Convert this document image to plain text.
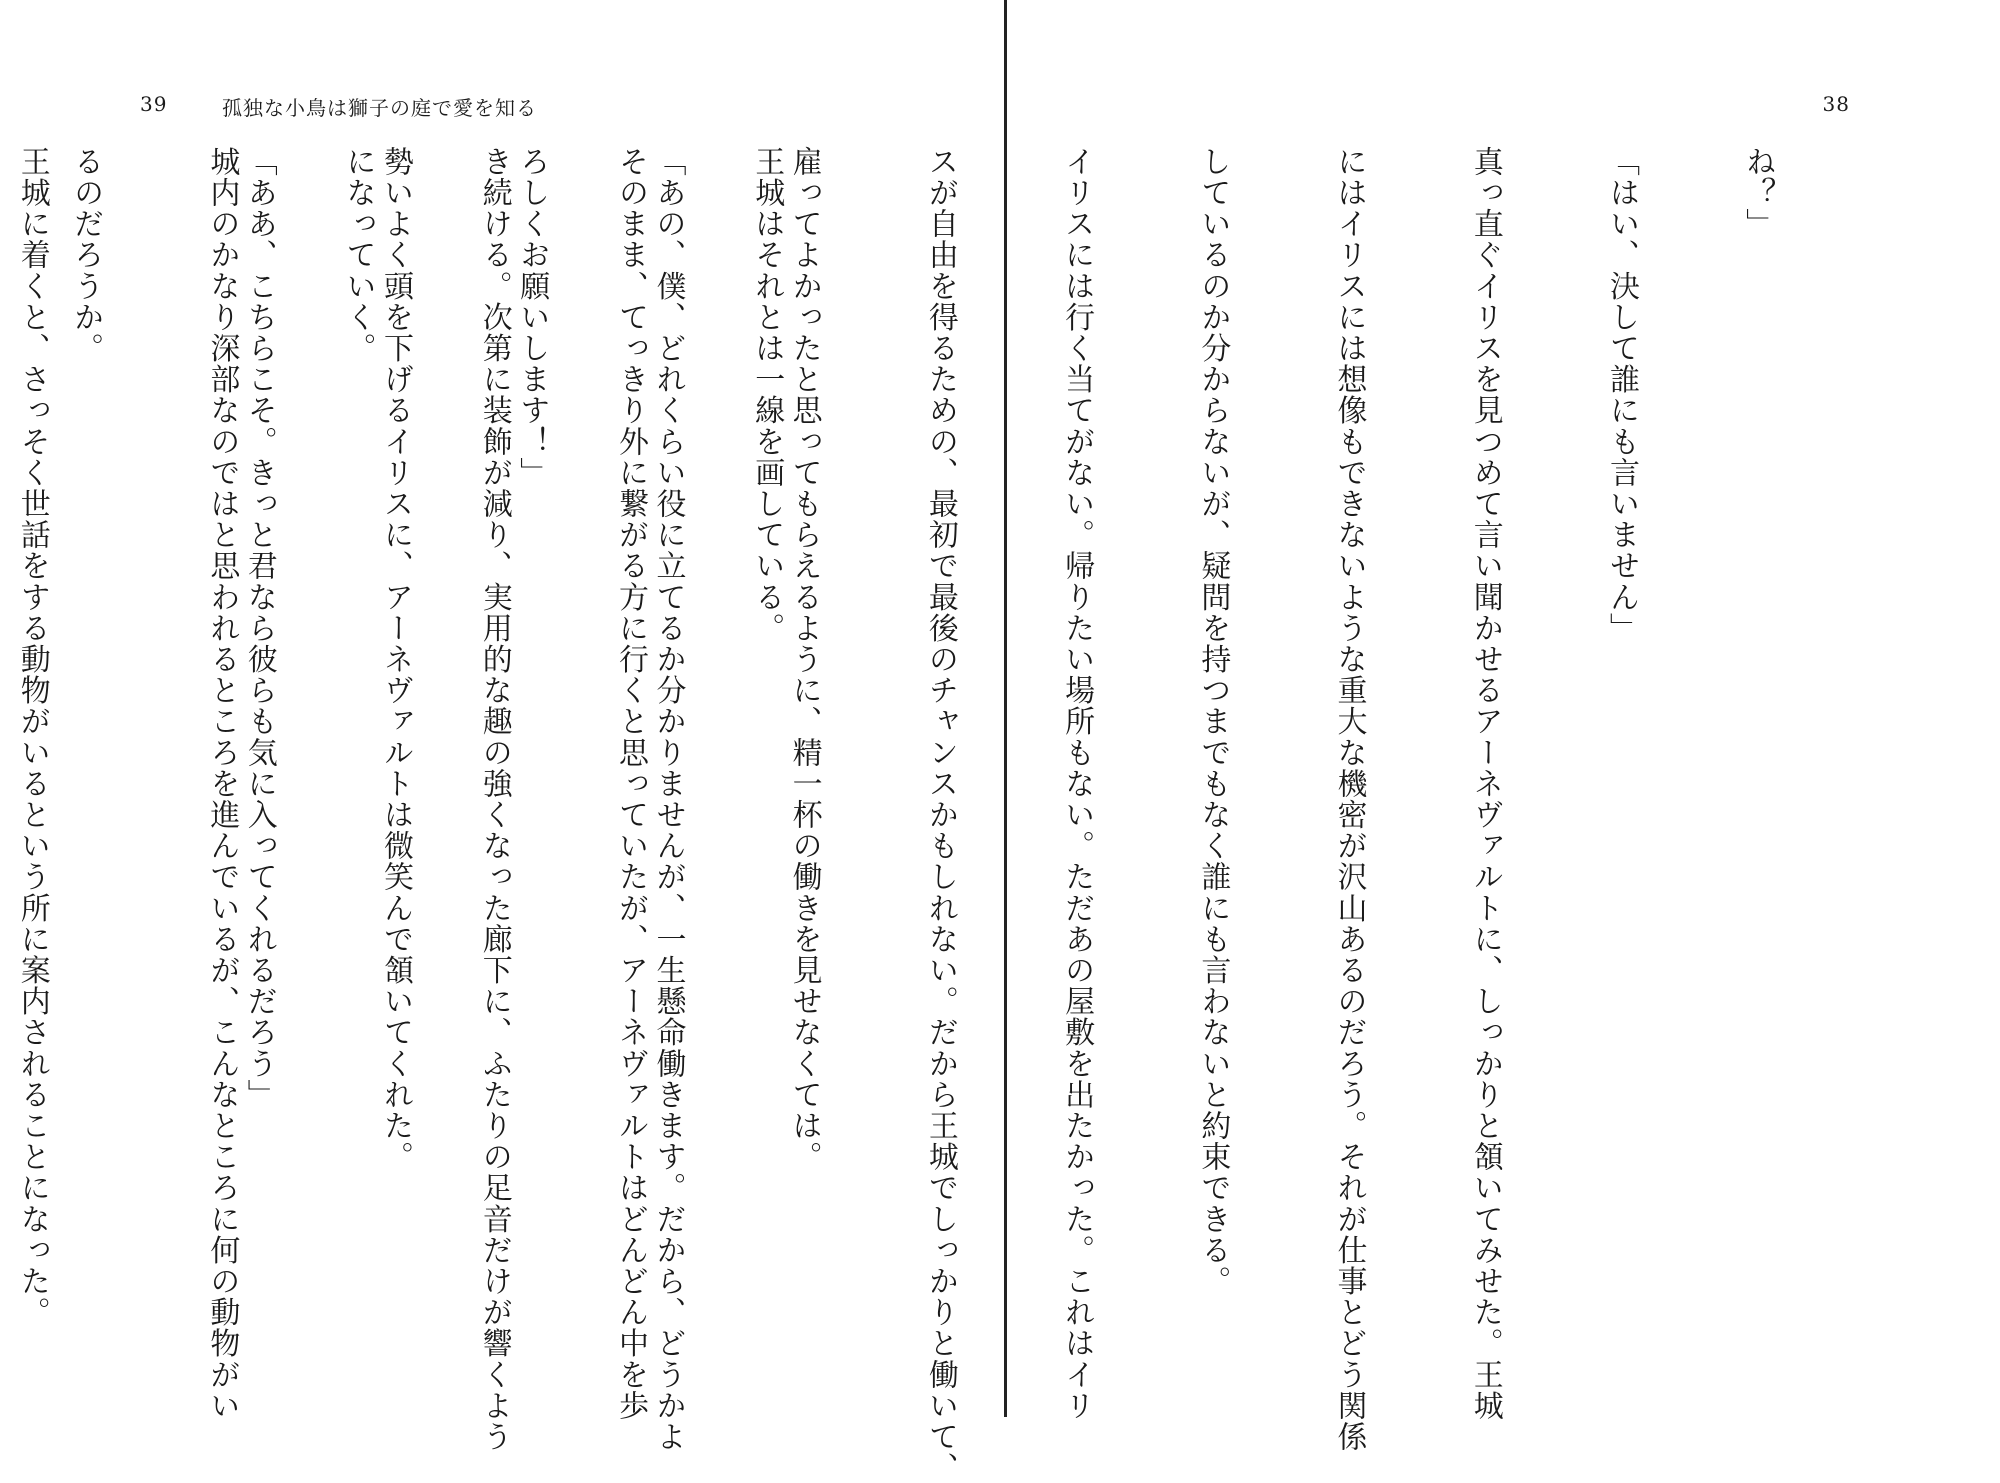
39	孤独な小鳥は獅子の庭で愛を知る

王城はそれとは一線を画している。

そのまま、てっきり外に繋がる方に行くと思っていたが、アーネヴァルトはどんどん中を歩

き続ける。次第に装飾が減り、実用的な趣の強くなった廊下に、ふたりの足音だけが響くよう

になっていく。

城内のかなり深部なのではと思われるところを進んでいるが、こんなところに何の動物がい

るのだろうか。

38

ね？」

「はい、決して誰にも言いません」

真っ直ぐイリスを見つめて言い聞かせるアーネヴァルトに、しっかりと頷いてみせた。王城

にはイリスには想像もできないような重大な機密が沢山あるのだろう。それが仕事とどう関係

しているのか分からないが、疑問を持つまでもなく誰にも言わないと約束できる。

イリスには行く当てがない。帰りたい場所もない。ただあの屋敷を出たかった。これはイリ

スが自由を得るための、最初で最後のチャンスかもしれない。だから王城でしっかりと働いて、

雇ってよかったと思ってもらえるように、精一杯の働きを見せなくては。

「あの、僕、どれくらい役に立てるか分かりませんが、一生懸命働きます。だから、どうかよ

ろしくお願いします！」

勢いよく頭を下げるイリスに、アーネヴァルトは微笑んで頷いてくれた。

「ああ、こちらこそ。きっと君なら彼らも気に入ってくれるだろう」

王城に着くと、さっそく世話をする動物がいるという所に案内されることになった。
